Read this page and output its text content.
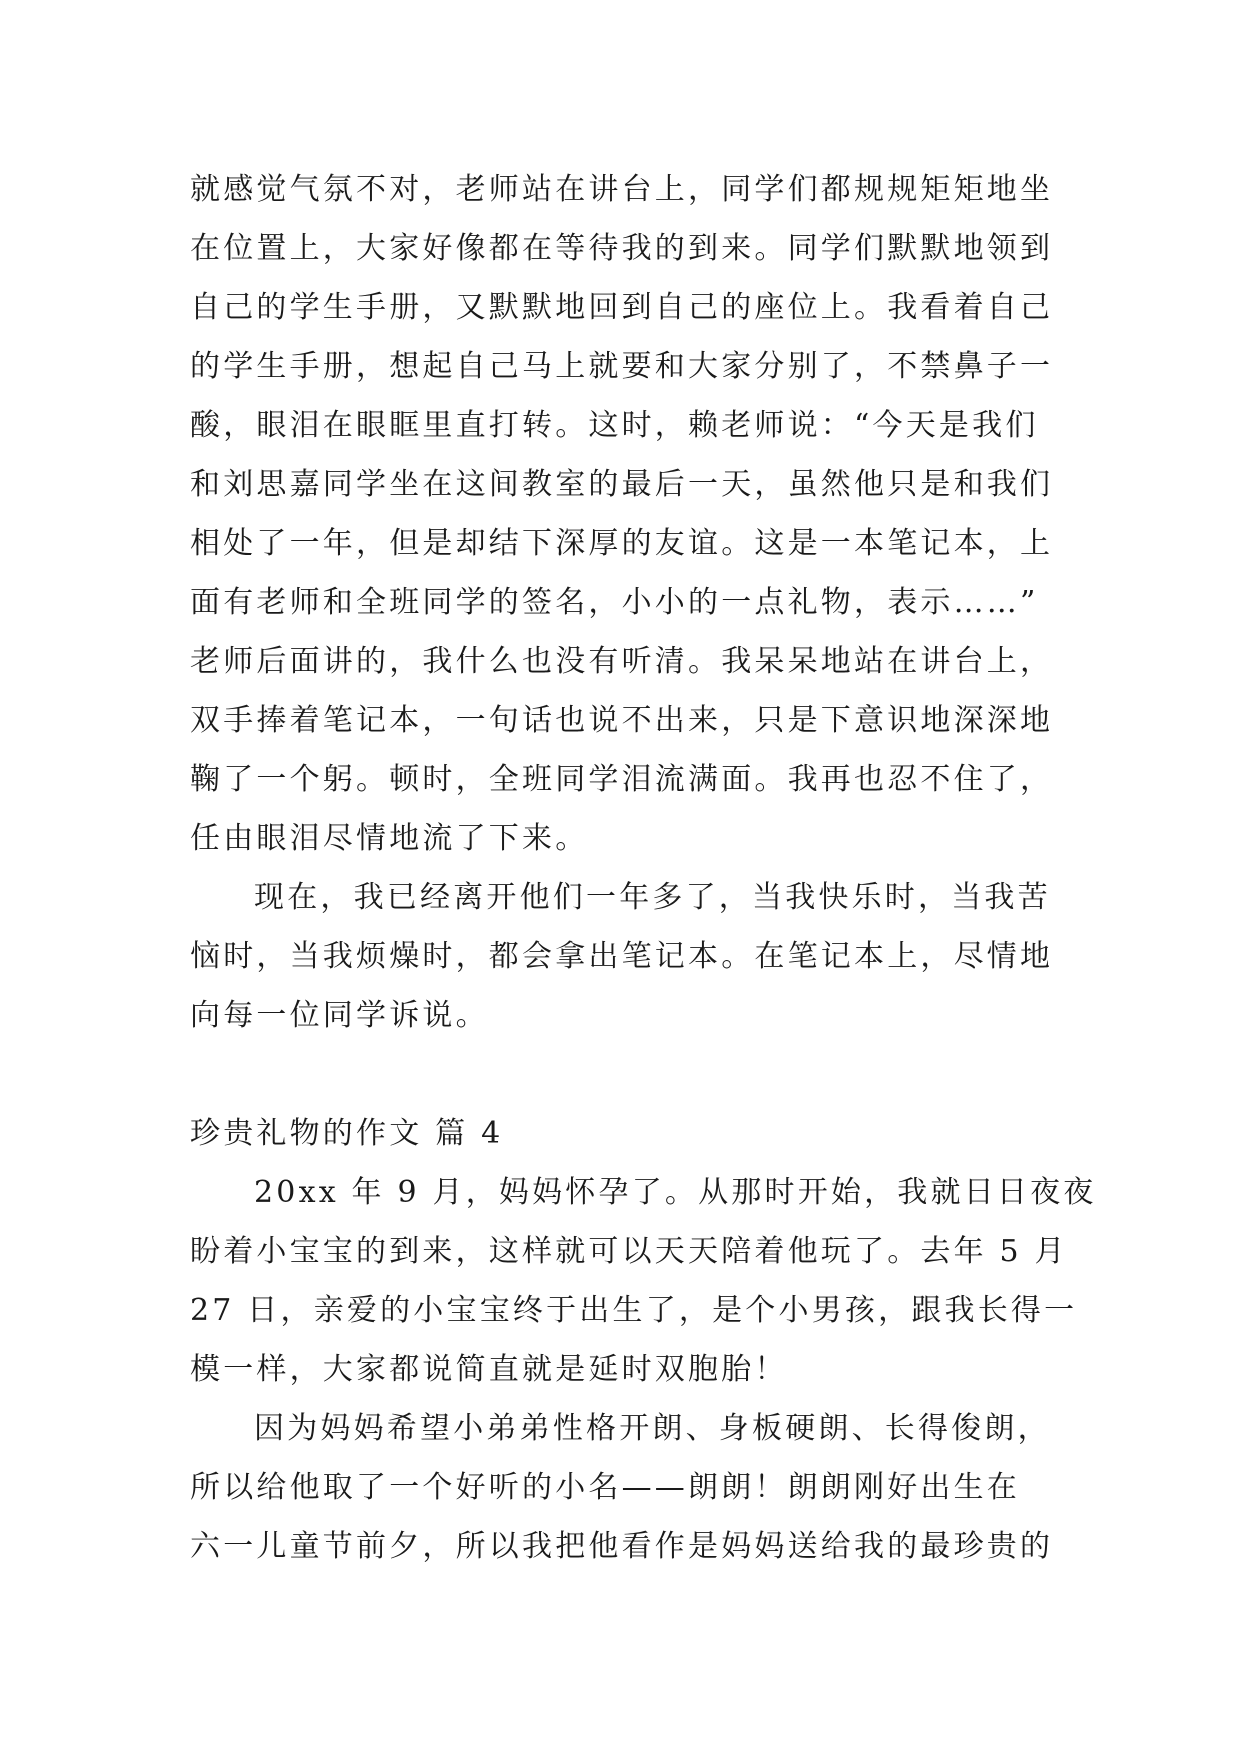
就感觉气氛不对，老师站在讲台上，同学们都规规矩矩地坐
在位置上，大家好像都在等待我的到来。同学们默默地领到
自己的学生手册，又默默地回到自己的座位上。我看着自己
的学生手册，想起自己马上就要和大家分别了，不禁鼻子一
酸，眼泪在眼眶里直打转。这时，赖老师说：“今天是我们
和刘思嘉同学坐在这间教室的最后一天，虽然他只是和我们
相处了一年，但是却结下深厚的友谊。这是一本笔记本，上
面有老师和全班同学的签名，小小的一点礼物，表示……”
老师后面讲的，我什么也没有听清。我呆呆地站在讲台上，
双手捧着笔记本，一句话也说不出来，只是下意识地深深地
鞠了一个躬。顿时，全班同学泪流满面。我再也忍不住了，
任由眼泪尽情地流了下来。
现在，我已经离开他们一年多了，当我快乐时，当我苦
恼时，当我烦燥时，都会拿出笔记本。在笔记本上，尽情地
向每一位同学诉说。
珍贵礼物的作文 篇 4
20xx 年 9 月，妈妈怀孕了。从那时开始，我就日日夜夜
盼着小宝宝的到来，这样就可以天天陪着他玩了。去年 5 月
27 日，亲爱的小宝宝终于出生了，是个小男孩，跟我长得一
模一样，大家都说简直就是延时双胞胎！
因为妈妈希望小弟弟性格开朗、身板硬朗、长得俊朗，
所以给他取了一个好听的小名——朗朗！朗朗刚好出生在
六一儿童节前夕，所以我把他看作是妈妈送给我的最珍贵的
